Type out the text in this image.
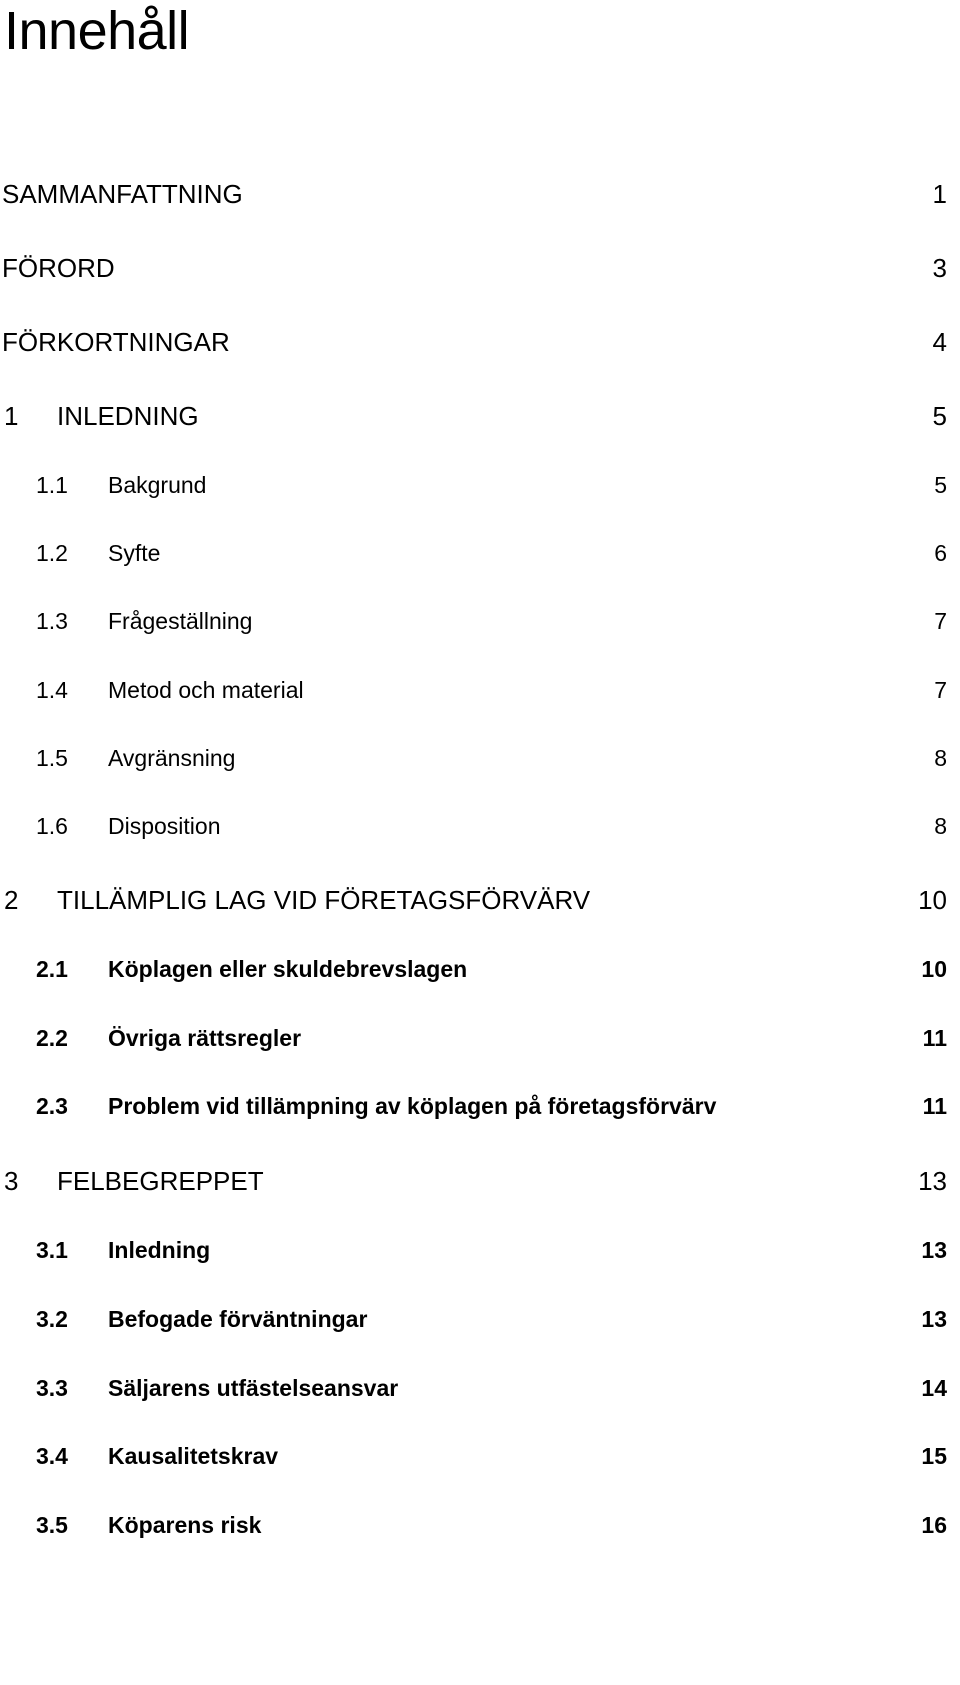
Innehåll
SAMMANFATTNING	1
FÖRORD	3
FÖRKORTNINGAR	4
1 INLEDNING	5
1.1 Bakgrund	5
1.2 Syfte	6
1.3 Frågeställning	7
1.4 Metod och material	7
1.5 Avgränsning	8
1.6 Disposition	8
2 TILLÄMPLIG LAG VID FÖRETAGSFÖRVÄRV	10
2.1 Köplagen eller skuldebrevslagen	10
2.2 Övriga rättsregler	11
2.3 Problem vid tillämpning av köplagen på företagsförvärv	11
3 FELBEGREPPET	13
3.1 Inledning	13
3.2 Befogade förväntningar	13
3.3 Säljarens utfästelseansvar	14
3.4 Kausalitetskrav	15
3.5 Köparens risk	16
